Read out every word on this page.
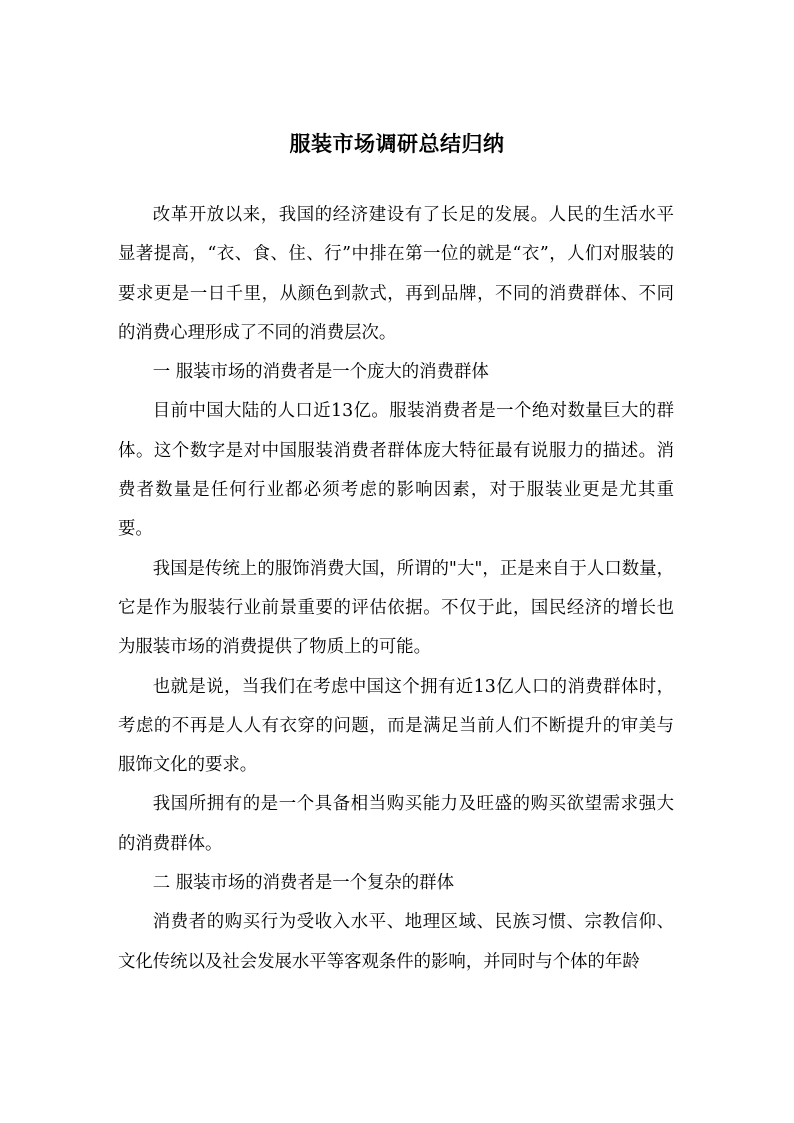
服装市场调研总结归纳

改革开放以来，我国的经济建设有了长足的发展。人民的生活水平显著提高，“衣、食、住、行”中排在第一位的就是“衣”，人们对服装的要求更是一日千里，从颜色到款式，再到品牌，不同的消费群体、不同的消费心理形成了不同的消费层次。

一 服装市场的消费者是一个庞大的消费群体

目前中国大陆的人口近13亿。服装消费者是一个绝对数量巨大的群体。这个数字是对中国服装消费者群体庞大特征最有说服力的描述。消费者数量是任何行业都必须考虑的影响因素，对于服装业更是尤其重要。

我国是传统上的服饰消费大国，所谓的"大"，正是来自于人口数量，它是作为服装行业前景重要的评估依据。不仅于此，国民经济的增长也为服装市场的消费提供了物质上的可能。

也就是说，当我们在考虑中国这个拥有近13亿人口的消费群体时，考虑的不再是人人有衣穿的问题，而是满足当前人们不断提升的审美与服饰文化的要求。

我国所拥有的是一个具备相当购买能力及旺盛的购买欲望需求强大的消费群体。

二 服装市场的消费者是一个复杂的群体

消费者的购买行为受收入水平、地理区域、民族习惯、宗教信仰、文化传统以及社会发展水平等客观条件的影响，并同时与个体的年龄
